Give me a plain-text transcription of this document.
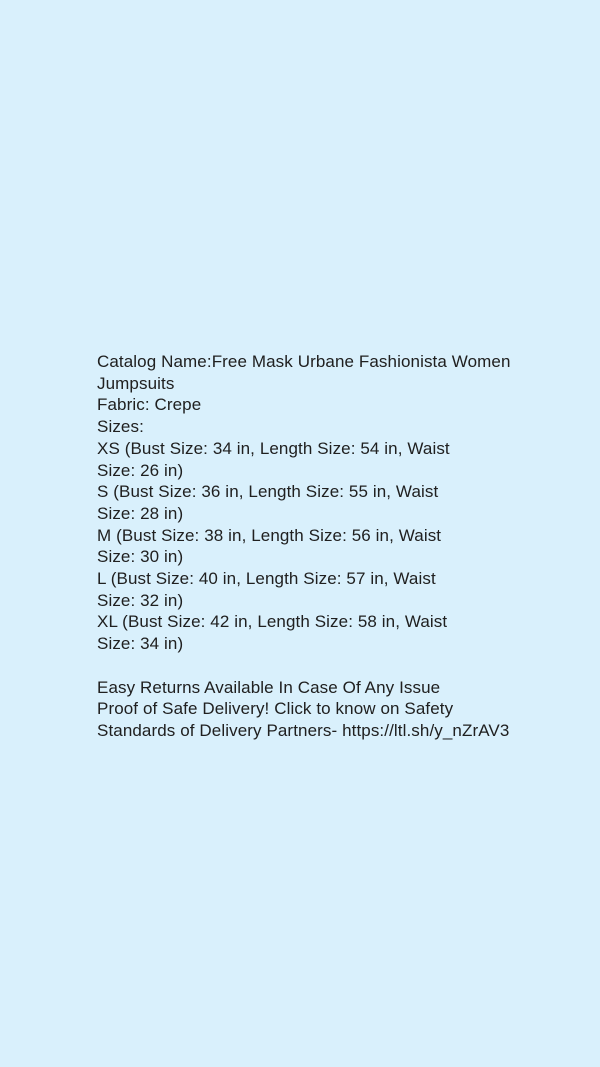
Catalog Name:Free Mask Urbane Fashionista Women
Jumpsuits
Fabric: Crepe
Sizes:
XS (Bust Size: 34 in, Length Size: 54 in, Waist
Size: 26 in)
S (Bust Size: 36 in, Length Size: 55 in, Waist
Size: 28 in)
M (Bust Size: 38 in, Length Size: 56 in, Waist
Size: 30 in)
L (Bust Size: 40 in, Length Size: 57 in, Waist
Size: 32 in)
XL (Bust Size: 42 in, Length Size: 58 in, Waist
Size: 34 in)
Easy Returns Available In Case Of Any Issue
Proof of Safe Delivery! Click to know on Safety
Standards of Delivery Partners- https://ltl.sh/y_nZrAV3
